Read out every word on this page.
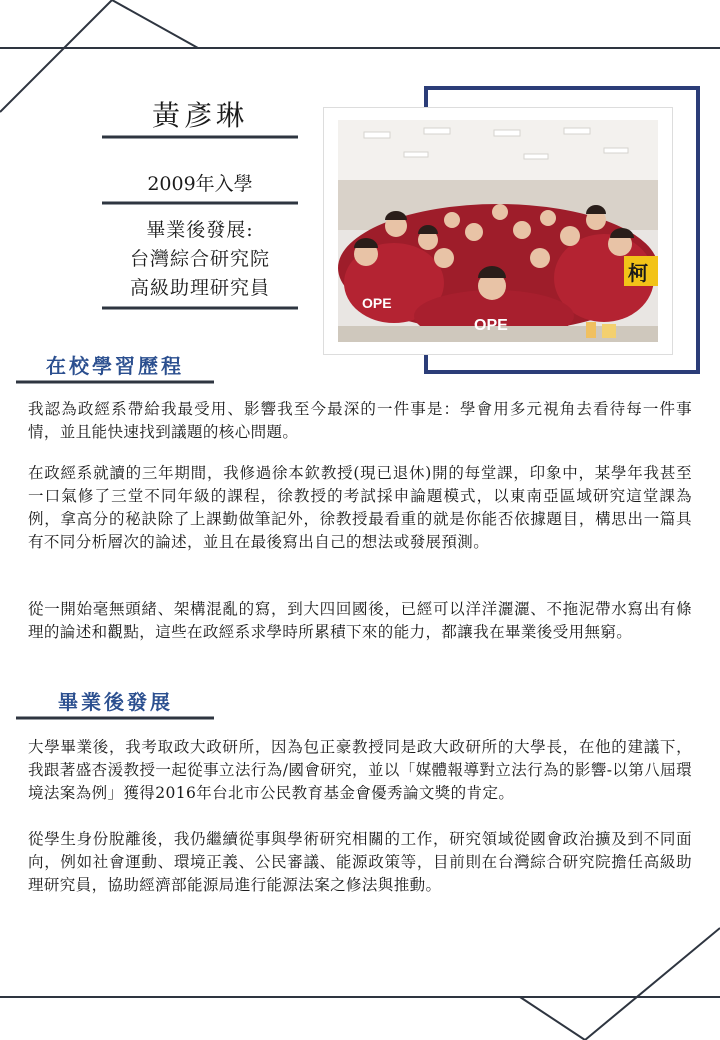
黃彥琳
2009年入學
畢業後發展:
台灣綜合研究院
高級助理研究員
OPE
OPE
柯
在校學習歷程
我認為政經系帶給我最受用、影響我至今最深的一件事是：學會用多元視角去看待每一件事情，並且能快速找到議題的核心問題。
在政經系就讀的三年期間，我修過徐本欽教授(現已退休)開的每堂課，印象中，某學年我甚至一口氣修了三堂不同年級的課程，徐教授的考試採申論題模式，以東南亞區域研究這堂課為例，拿高分的秘訣除了上課勤做筆記外，徐教授最看重的就是你能否依據題目，構思出一篇具有不同分析層次的論述，並且在最後寫出自己的想法或發展預測。
從一開始毫無頭緒、架構混亂的寫，到大四回國後，已經可以洋洋灑灑、不拖泥帶水寫出有條理的論述和觀點，這些在政經系求學時所累積下來的能力，都讓我在畢業後受用無窮。
畢業後發展
大學畢業後，我考取政大政研所，因為包正豪教授同是政大政研所的大學長，在他的建議下，我跟著盛杏湲教授一起從事立法行為/國會研究，並以「媒體報導對立法行為的影響-以第八屆環境法案為例」獲得2016年台北市公民教育基金會優秀論文獎的肯定。
從學生身份脫離後，我仍繼續從事與學術研究相關的工作，研究領域從國會政治擴及到不同面向，例如社會運動、環境正義、公民審議、能源政策等，目前則在台灣綜合研究院擔任高級助理研究員，協助經濟部能源局進行能源法案之修法與推動。
